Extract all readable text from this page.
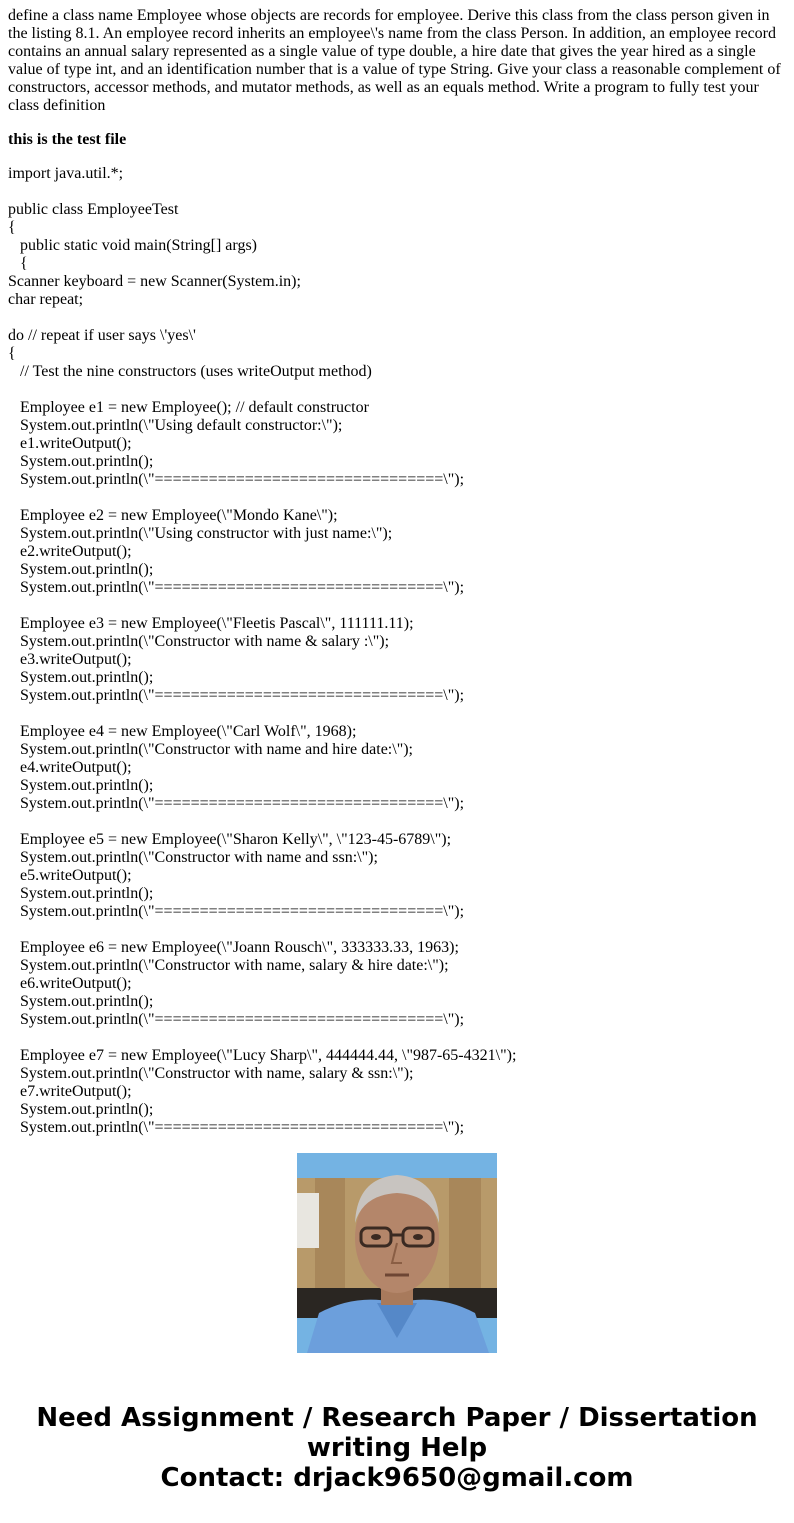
define a class name Employee whose objects are records for employee. Derive this class from the class person given in the listing 8.1. An employee record inherits an employee\'s name from the class Person. In addition, an employee record contains an annual salary represented as a single value of type double, a hire date that gives the year hired as a single value of type int, and an identification number that is a value of type String. Give your class a reasonable complement of constructors, accessor methods, and mutator methods, as well as an equals method. Write a program to fully test your class definition

this is the test file

import java.util.*;
public class EmployeeTest
{
public static void main(String[] args)
{
Scanner keyboard = new Scanner(System.in);
char repeat;
do // repeat if user says \'yes\'
{
// Test the nine constructors (uses writeOutput method)
Employee e1 = new Employee(); // default constructor
System.out.println(\"Using default constructor:\");
e1.writeOutput();
System.out.println();
System.out.println(\"================================\");
Employee e2 = new Employee(\"Mondo Kane\");
System.out.println(\"Using constructor with just name:\");
e2.writeOutput();
System.out.println();
System.out.println(\"================================\");
Employee e3 = new Employee(\"Fleetis Pascal\", 111111.11);
System.out.println(\"Constructor with name & salary :\");
e3.writeOutput();
System.out.println();
System.out.println(\"================================\");
Employee e4 = new Employee(\"Carl Wolf\", 1968);
System.out.println(\"Constructor with name and hire date:\");
e4.writeOutput();
System.out.println();
System.out.println(\"================================\");
Employee e5 = new Employee(\"Sharon Kelly\", \"123-45-6789\");
System.out.println(\"Constructor with name and ssn:\");
e5.writeOutput();
System.out.println();
System.out.println(\"================================\");
Employee e6 = new Employee(\"Joann Rousch\", 333333.33, 1963);
System.out.println(\"Constructor with name, salary & hire date:\");
e6.writeOutput();
System.out.println();
System.out.println(\"================================\");
Employee e7 = new Employee(\"Lucy Sharp\", 444444.44, \"987-65-4321\");
System.out.println(\"Constructor with name, salary & ssn:\");
e7.writeOutput();
System.out.println();
System.out.println(\"================================\");
Need Assignment / Research Paper / Dissertation
writing Help
Contact: drjack9650@gmail.com
